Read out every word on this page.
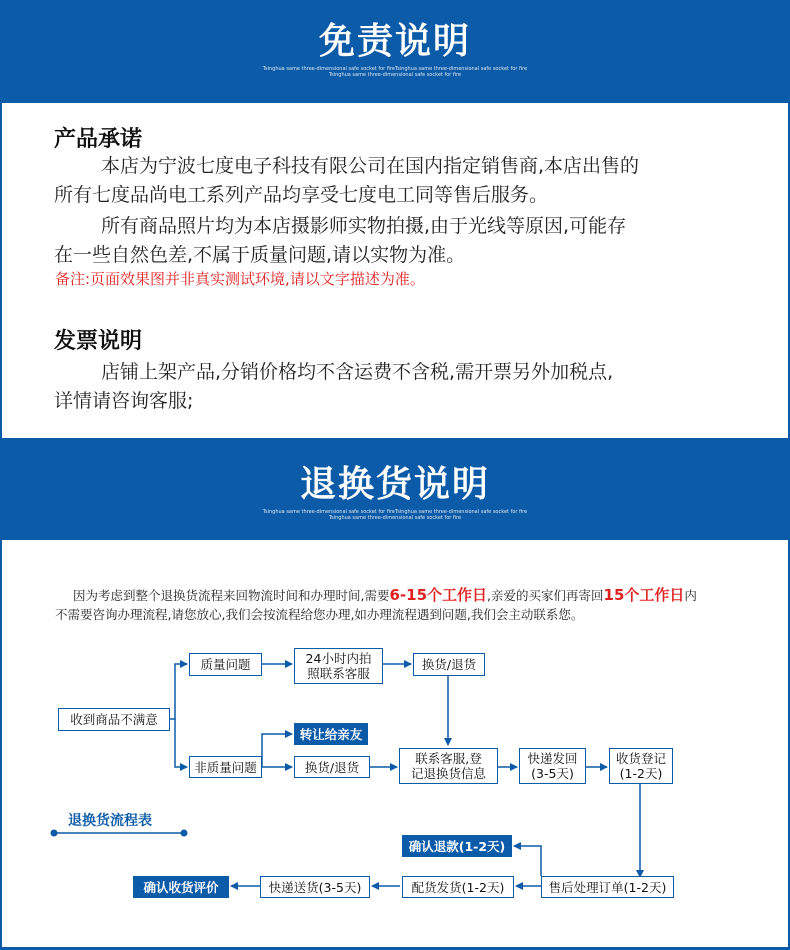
免责说明
Tsinghua same three-dimensional safe socket for fireTsinghua same three-dimensional safe socket for fire
Tsinghua same three-dimensional safe socket for fire
产品承诺
本店为宁波七度电子科技有限公司在国内指定销售商,本店出售的
所有七度品尚电工系列产品均享受七度电工同等售后服务。
所有商品照片均为本店摄影师实物拍摄,由于光线等原因,可能存
在一些自然色差,不属于质量问题,请以实物为准。
备注:页面效果图并非真实测试环境,请以文字描述为准。
发票说明
店铺上架产品,分销价格均不含运费不含税,需开票另外加税点,
详情请咨询客服;
退换货说明
Tsinghua same three-dimensional safe socket for fireTsinghua same three-dimensional safe socket for fire
Tsinghua same three-dimensional safe socket for fire
因为考虑到整个退换货流程来回物流时间和办理时间,需要6-15个工作日,亲爱的买家们再寄回15个工作日内
不需要咨询办理流程,请您放心,我们会按流程给您办理,如办理流程遇到问题,我们会主动联系您。
收到商品不满意
质量问题	24小时内拍
照联系客服
换货/退货
转让给亲友
非质量问题	换货/退货
联系客服,登
记退换货信息
快递发回
(3-5天)
收货登记
(1-2天)
确认退款(1-2天)
售后处理订单(1-2天)
配货发货(1-2天)
快递送货(3-5天)
确认收货评价
退换货流程表
